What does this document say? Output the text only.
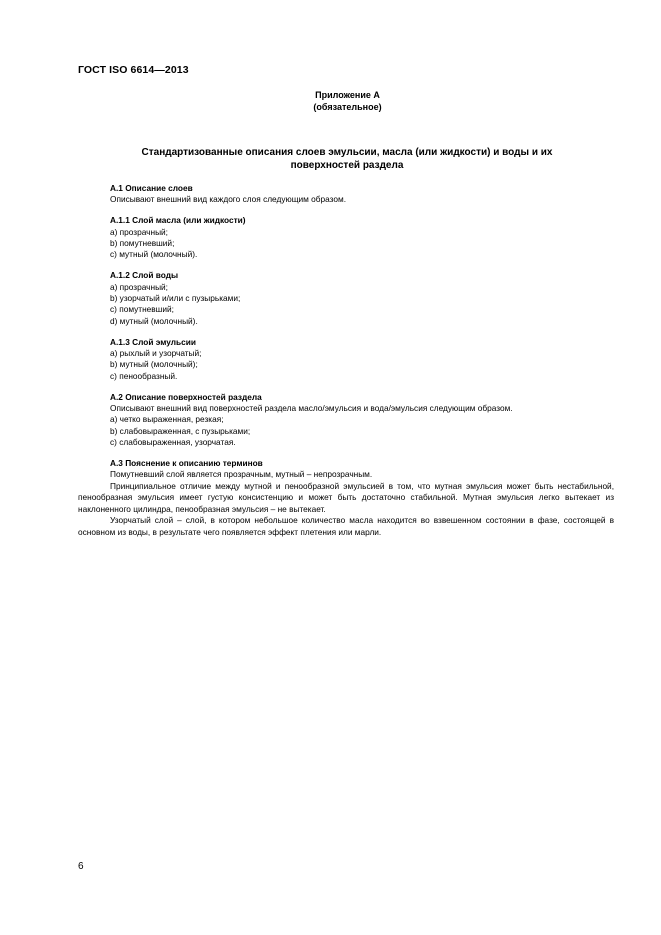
ГОСТ ISO 6614—2013
Приложение А
(обязательное)
Стандартизованные описания слоев эмульсии, масла (или жидкости) и воды и их
поверхностей раздела
А.1 Описание слоев
Описывают внешний вид каждого слоя следующим образом.
А.1.1 Слой масла (или жидкости)
а) прозрачный;
b) помутневший;
c) мутный (молочный).
А.1.2 Слой воды
а) прозрачный;
b) узорчатый и/или с пузырьками;
c) помутневший;
d) мутный (молочный).
А.1.3 Слой эмульсии
а) рыхлый и узорчатый;
b) мутный (молочный);
c) пенообразный.
А.2 Описание поверхностей раздела
Описывают внешний вид поверхностей раздела масло/эмульсия и вода/эмульсия следующим образом.
а) четко выраженная, резкая;
b) слабовыраженная, с пузырьками;
c) слабовыраженная, узорчатая.
А.3 Пояснение к описанию терминов
Помутневший слой является прозрачным, мутный – непрозрачным.
Принципиальное отличие между мутной и пенообразной эмульсией в том, что мутная эмульсия может быть нестабильной, пенообразная эмульсия имеет густую консистенцию и может быть достаточно стабильной. Мутная эмульсия легко вытекает из наклоненного цилиндра, пенообразная эмульсия – не вытекает.
Узорчатый слой – слой, в котором небольшое количество масла находится во взвешенном состоянии в фазе, состоящей в основном из воды, в результате чего появляется эффект плетения или марли.
6
